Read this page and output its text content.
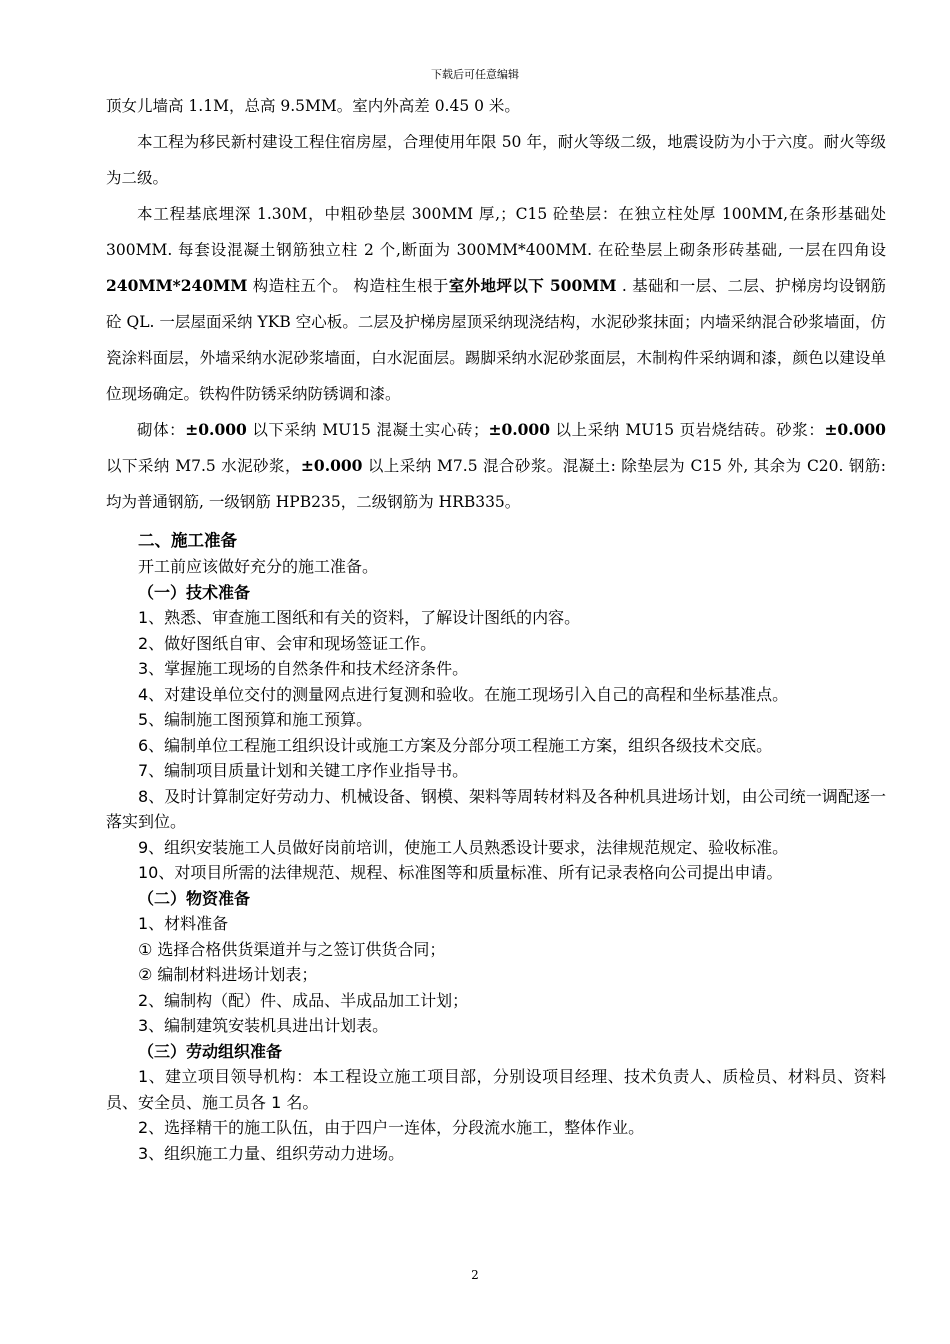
下载后可任意编辑

顶女儿墙高 1.1M，总高 9.5MM。室内外高差 0.45 0 米。

本工程为移民新村建设工程住宿房屋，合理使用年限 50 年，耐火等级二级，地震设防为小于六度。耐火等级为二级。

本工程基底埋深 1.30M，中粗砂垫层 300MM 厚,；C15 砼垫层：在独立柱处厚 100MM,在条形基础处 300MM. 每套设混凝土钢筋独立柱 2 个,断面为 300MM*400MM. 在砼垫层上砌条形砖基础, 一层在四角设 240MM*240MM 构造柱五个。 构造柱生根于室外地坪以下 500MM . 基础和一层、二层、护梯房均设钢筋砼 QL. 一层屋面采纳 YKB 空心板。二层及护梯房屋顶采纳现浇结构，水泥砂浆抹面；内墙采纳混合砂浆墙面，仿瓷涂料面层，外墙采纳水泥砂浆墙面，白水泥面层。踢脚采纳水泥砂浆面层，木制构件采纳调和漆，颜色以建设单位现场确定。铁构件防锈采纳防锈调和漆。

砌体：±0.000 以下采纳 MU15 混凝土实心砖；±0.000 以上采纳 MU15 页岩烧结砖。砂浆：±0.000 以下采纳 M7.5 水泥砂浆，±0.000 以上采纳 M7.5 混合砂浆。混凝土: 除垫层为 C15 外, 其余为 C20. 钢筋: 均为普通钢筋, 一级钢筋 HPB235，二级钢筋为 HRB335。

二、施工准备

开工前应该做好充分的施工准备。

（一）技术准备

1、熟悉、审查施工图纸和有关的资料，了解设计图纸的内容。

2、做好图纸自审、会审和现场签证工作。

3、掌握施工现场的自然条件和技术经济条件。

4、对建设单位交付的测量网点进行复测和验收。在施工现场引入自己的高程和坐标基准点。

5、编制施工图预算和施工预算。

6、编制单位工程施工组织设计或施工方案及分部分项工程施工方案，组织各级技术交底。

7、编制项目质量计划和关键工序作业指导书。

8、及时计算制定好劳动力、机械设备、钢模、架料等周转材料及各种机具进场计划，由公司统一调配逐一落实到位。

9、组织安装施工人员做好岗前培训，使施工人员熟悉设计要求，法律规范规定、验收标准。

10、对项目所需的法律规范、规程、标准图等和质量标准、所有记录表格向公司提出申请。

（二）物资准备

1、材料准备

① 选择合格供货渠道并与之签订供货合同；

② 编制材料进场计划表；

2、编制构（配）件、成品、半成品加工计划；

3、编制建筑安装机具进出计划表。

（三）劳动组织准备

1、建立项目领导机构：本工程设立施工项目部，分别设项目经理、技术负责人、质检员、材料员、资料员、安全员、施工员各 1 名。

2、选择精干的施工队伍，由于四户一连体，分段流水施工，整体作业。

3、组织施工力量、组织劳动力进场。

2
